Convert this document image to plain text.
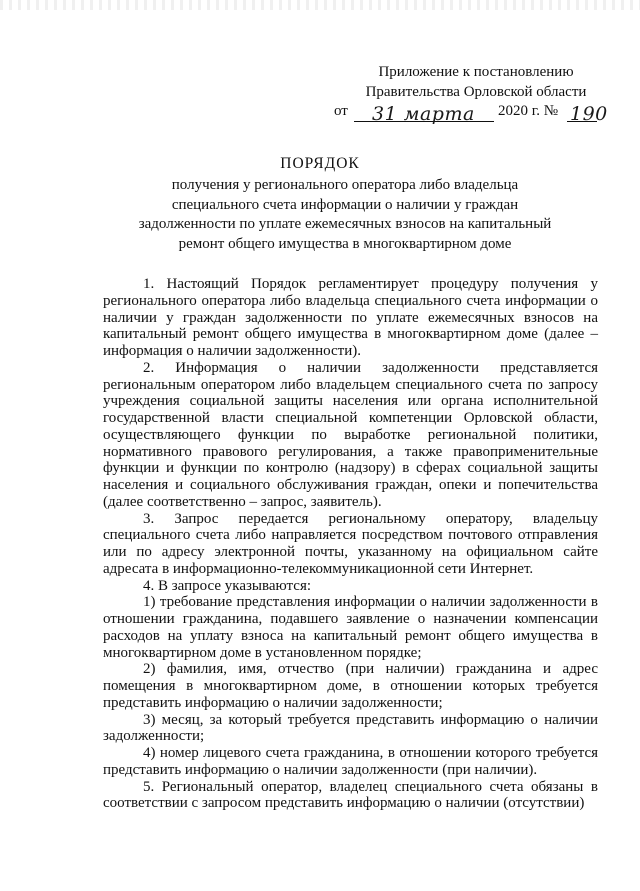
Приложение к постановлению
Правительства Орловской области
от 31 марта 2020 г. № 190
ПОРЯДОК
получения у регионального оператора либо владельца специального счета информации о наличии у граждан задолженности по уплате ежемесячных взносов на капитальный ремонт общего имущества в многоквартирном доме

1. Настоящий Порядок регламентирует процедуру получения у регионального оператора либо владельца специального счета информации о наличии у граждан задолженности по уплате ежемесячных взносов на капитальный ремонт общего имущества в многоквартирном доме (далее – информация о наличии задолженности).

2. Информация о наличии задолженности представляется региональным оператором либо владельцем специального счета по запросу учреждения социальной защиты населения или органа исполнительной государственной власти специальной компетенции Орловской области, осуществляющего функции по выработке региональной политики, нормативного правового регулирования, а также правоприменительные функции и функции по контролю (надзору) в сферах социальной защиты населения и социального обслуживания граждан, опеки и попечительства (далее соответственно – запрос, заявитель).

3. Запрос передается региональному оператору, владельцу специального счета либо направляется посредством почтового отправления или по адресу электронной почты, указанному на официальном сайте адресата в информационно-телекоммуникационной сети Интернет.

4. В запросе указываются:

1) требование представления информации о наличии задолженности в отношении гражданина, подавшего заявление о назначении компенсации расходов на уплату взноса на капитальный ремонт общего имущества в многоквартирном доме в установленном порядке;

2) фамилия, имя, отчество (при наличии) гражданина и адрес помещения в многоквартирном доме, в отношении которых требуется представить информацию о наличии задолженности;

3) месяц, за который требуется представить информацию о наличии задолженности;

4) номер лицевого счета гражданина, в отношении которого требуется представить информацию о наличии задолженности (при наличии).

5. Региональный оператор, владелец специального счета обязаны в соответствии с запросом представить информацию о наличии (отсутствии)
